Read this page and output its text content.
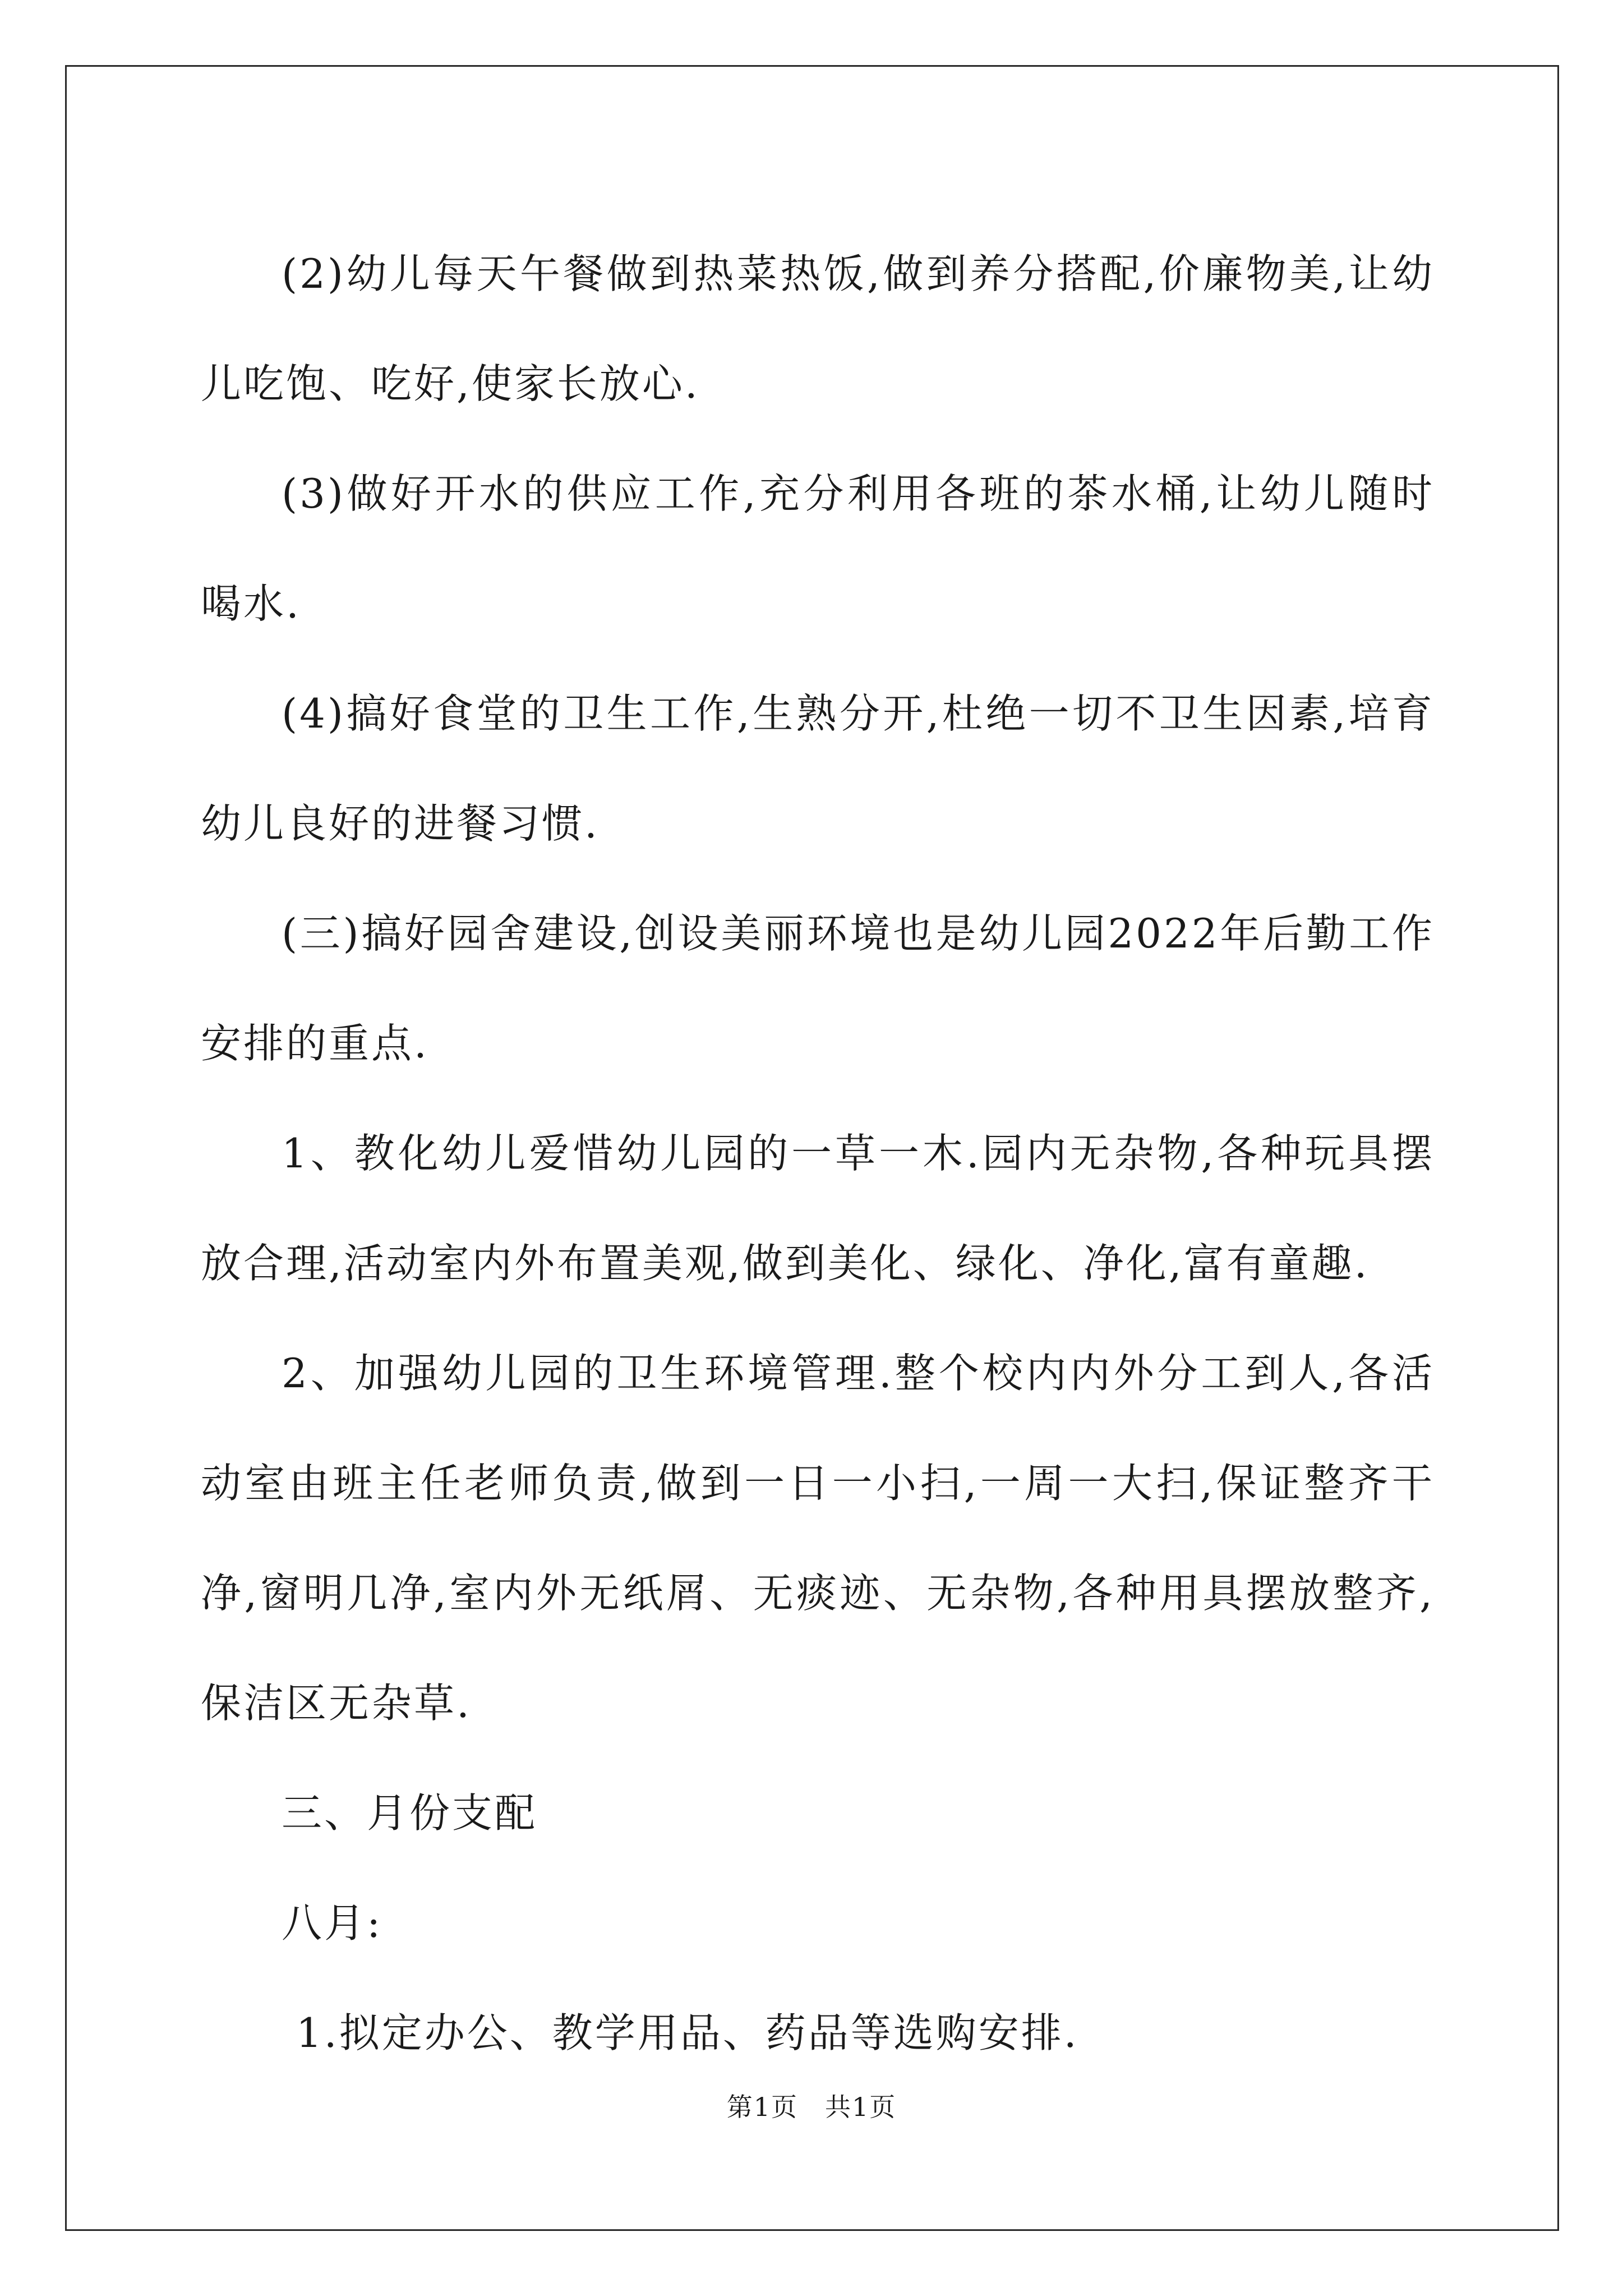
(2)幼儿每天午餐做到热菜热饭,做到养分搭配,价廉物美,让幼儿吃饱、吃好,使家长放心.

(3)做好开水的供应工作,充分利用各班的茶水桶,让幼儿随时喝水.

(4)搞好食堂的卫生工作,生熟分开,杜绝一切不卫生因素,培育幼儿良好的进餐习惯.

(三)搞好园舍建设,创设美丽环境也是幼儿园2022年后勤工作安排的重点.

1、教化幼儿爱惜幼儿园的一草一木.园内无杂物,各种玩具摆放合理,活动室内外布置美观,做到美化、绿化、净化,富有童趣.

2、加强幼儿园的卫生环境管理.整个校内内外分工到人,各活动室由班主任老师负责,做到一日一小扫,一周一大扫,保证整齐干净,窗明几净,室内外无纸屑、无痰迹、无杂物,各种用具摆放整齐,保洁区无杂草.

三、月份支配

八月:

1.拟定办公、教学用品、药品等选购安排.

第1页 共1页
